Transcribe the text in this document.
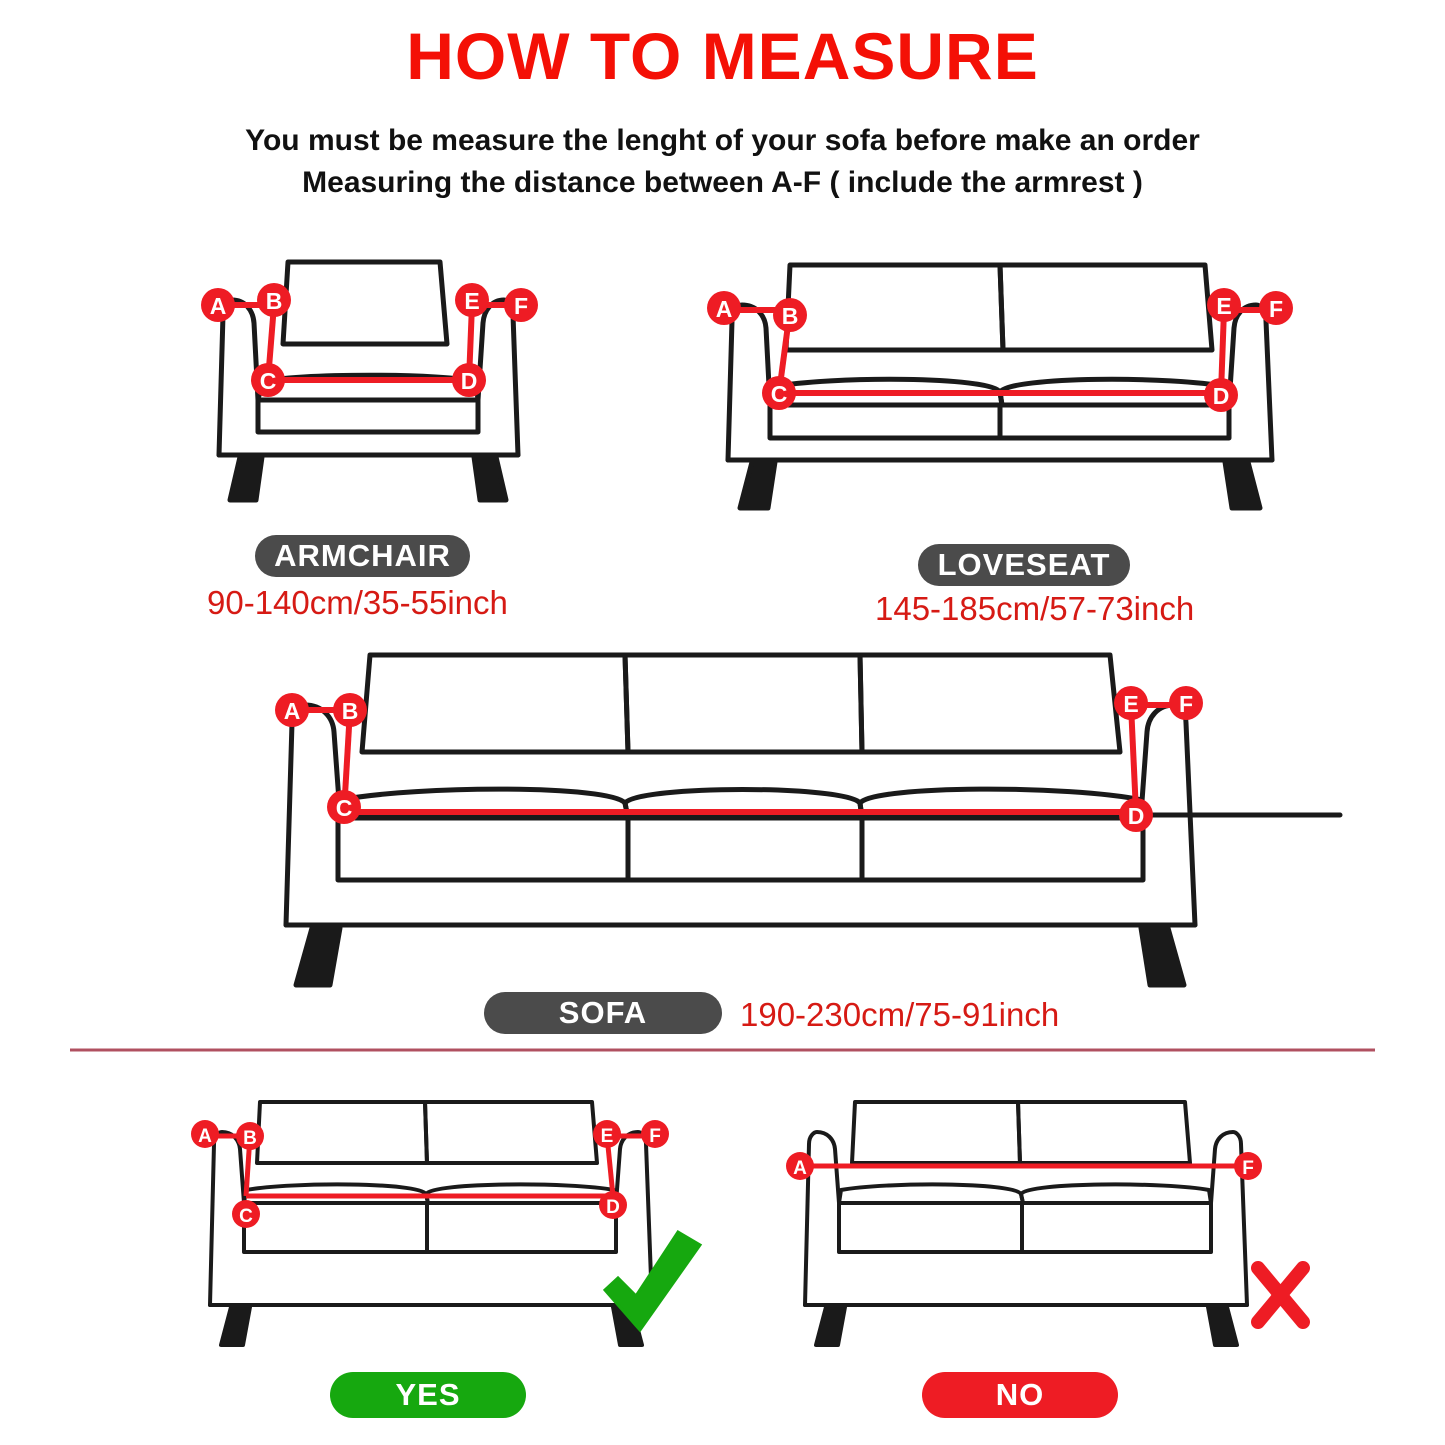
HOW TO MEASURE
You must be measure the lenght of your sofa before make an order
Measuring the distance between A-F ( include the armrest )
A B
C	D
E F	A B
C	D
E F
A B
C	D
E F
A B
C	D
E F
A	F
ARMCHAIR
90-140cm/35-55inch
LOVESEAT
145-185cm/57-73inch
SOFA	190-230cm/75-91inch
YES	NO
